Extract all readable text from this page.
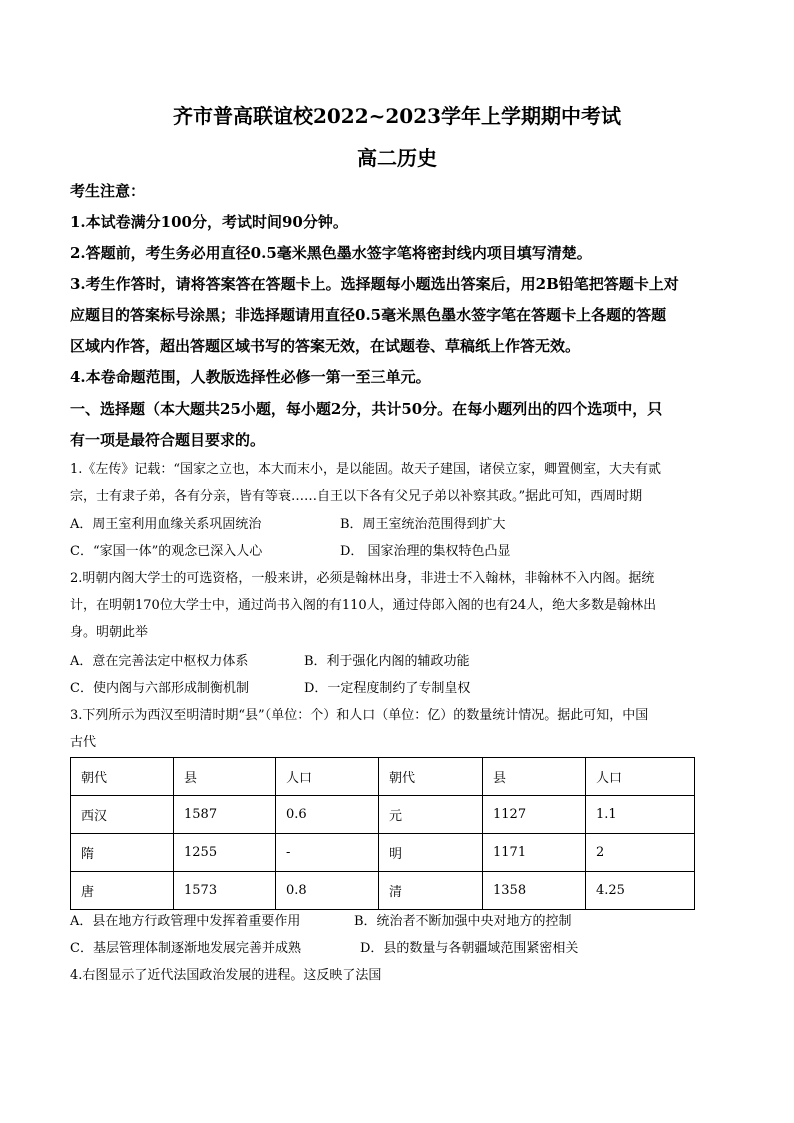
齐市普高联谊校2022~2023学年上学期期中考试
高二历史
考生注意：
1.本试卷满分100分，考试时间90分钟。
2.答题前，考生务必用直径0.5毫米黑色墨水签字笔将密封线内项目填写清楚。
3.考生作答时，请将答案答在答题卡上。选择题每小题选出答案后，用2B铅笔把答题卡上对
应题目的答案标号涂黑；非选择题请用直径0.5毫米黑色墨水签字笔在答题卡上各题的答题
区域内作答，超出答题区域书写的答案无效，在试题卷、草稿纸上作答无效。
4.本卷命题范围，人教版选择性必修一第一至三单元。
一、选择题（本大题共25小题，每小题2分，共计50分。在每小题列出的四个选项中，只
有一项是最符合题目要求的。
1.《左传》记载：“国家之立也，本大而末小，是以能固。故天子建国，诸侯立家，卿置侧室，大夫有贰
宗，士有隶子弟，各有分亲，皆有等衰……自王以下各有父兄子弟以补察其政。”据此可知，西周时期
A．周王室利用血缘关系巩固统治	B．周王室统治范围得到扩大
C．“家国一体”的观念已深入人心	D． 国家治理的集权特色凸显
2.明朝内阁大学士的可选资格，一般来讲，必须是翰林出身，非进士不入翰林，非翰林不入内阁。据统
计，在明朝170位大学士中，通过尚书入阁的有110人，通过侍郎入阁的也有24人，绝大多数是翰林出
身。明朝此举
A．意在完善法定中枢权力体系	B．利于强化内阁的辅政功能
C．使内阁与六部形成制衡机制	D．一定程度制约了专制皇权
3.下列所示为西汉至明清时期“县”（单位：个）和人口（单位：亿）的数量统计情况。据此可知，中国
古代
朝代	县	人口	朝代	县	人口
西汉	1587	0.6	元	1127	1.1
隋	1255	-	明	1171	2
唐	1573	0.8	清	1358	4.25
A．县在地方行政管理中发挥着重要作用	B．统治者不断加强中央对地方的控制
C．基层管理体制逐渐地发展完善并成熟	D．县的数量与各朝疆域范围紧密相关
4.右图显示了近代法国政治发展的进程。这反映了法国
